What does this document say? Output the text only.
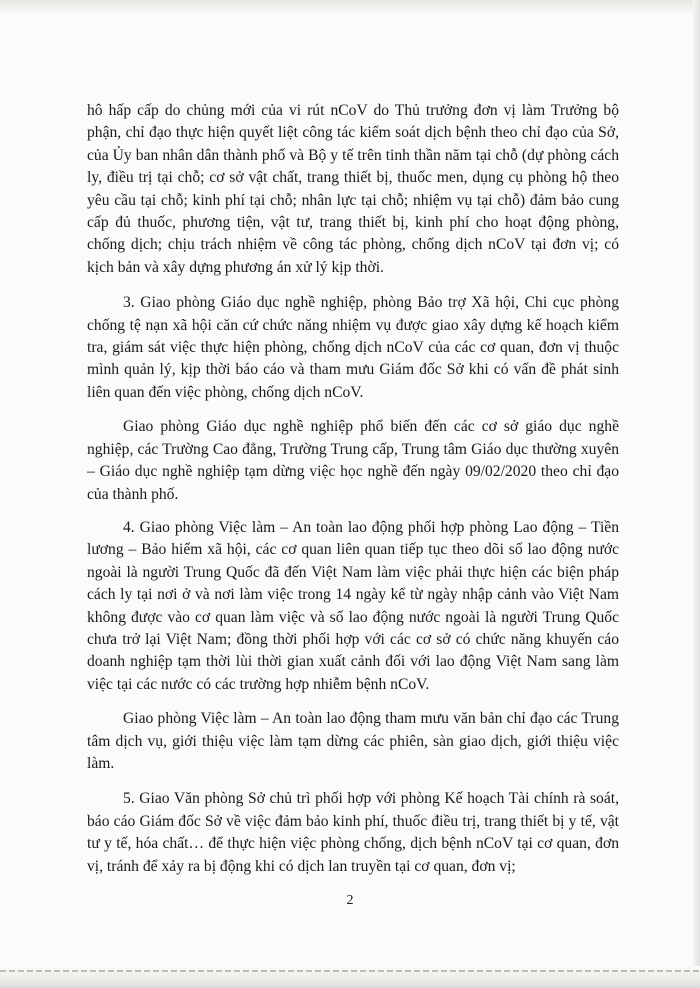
hô hấp cấp do chủng mới của vi rút nCoV do Thủ trưởng đơn vị làm Trưởng bộ phận, chỉ đạo thực hiện quyết liệt công tác kiểm soát dịch bệnh theo chỉ đạo của Sở, của Ủy ban nhân dân thành phố và Bộ y tế trên tinh thần năm tại chỗ (dự phòng cách ly, điều trị tại chỗ; cơ sở vật chất, trang thiết bị, thuốc men, dụng cụ phòng hộ theo yêu cầu tại chỗ; kinh phí tại chỗ; nhân lực tại chỗ; nhiệm vụ tại chỗ) đảm bảo cung cấp đủ thuốc, phương tiện, vật tư, trang thiết bị, kinh phí cho hoạt động phòng, chống dịch; chịu trách nhiệm về công tác phòng, chống dịch nCoV tại đơn vị; có kịch bản và xây dựng phương án xử lý kịp thời.

3. Giao phòng Giáo dục nghề nghiệp, phòng Bảo trợ Xã hội, Chi cục phòng chống tệ nạn xã hội căn cứ chức năng nhiệm vụ được giao xây dựng kế hoạch kiểm tra, giám sát việc thực hiện phòng, chống dịch nCoV của các cơ quan, đơn vị thuộc mình quản lý, kịp thời báo cáo và tham mưu Giám đốc Sở khi có vấn đề phát sinh liên quan đến việc phòng, chống dịch nCoV.

Giao phòng Giáo dục nghề nghiệp phổ biến đến các cơ sở giáo dục nghề nghiệp, các Trường Cao đẳng, Trường Trung cấp, Trung tâm Giáo dục thường xuyên – Giáo dục nghề nghiệp tạm dừng việc học nghề đến ngày 09/02/2020 theo chỉ đạo của thành phố.

4. Giao phòng Việc làm – An toàn lao động phối hợp phòng Lao động – Tiền lương – Bảo hiểm xã hội, các cơ quan liên quan tiếp tục theo dõi số lao động nước ngoài là người Trung Quốc đã đến Việt Nam làm việc phải thực hiện các biện pháp cách ly tại nơi ở và nơi làm việc trong 14 ngày kể từ ngày nhập cảnh vào Việt Nam không được vào cơ quan làm việc và số lao động nước ngoài là người Trung Quốc chưa trở lại Việt Nam; đồng thời phối hợp với các cơ sở có chức năng khuyến cáo doanh nghiệp tạm thời lùi thời gian xuất cảnh đối với lao động Việt Nam sang làm việc tại các nước có các trường hợp nhiễm bệnh nCoV.

Giao phòng Việc làm – An toàn lao động tham mưu văn bản chỉ đạo các Trung tâm dịch vụ, giới thiệu việc làm tạm dừng các phiên, sàn giao dịch, giới thiệu việc làm.

5. Giao Văn phòng Sở chủ trì phối hợp với phòng Kế hoạch Tài chính rà soát, báo cáo Giám đốc Sở về việc đảm bảo kinh phí, thuốc điều trị, trang thiết bị y tế, vật tư y tế, hóa chất… để thực hiện việc phòng chống, dịch bệnh nCoV tại cơ quan, đơn vị, tránh để xảy ra bị động khi có dịch lan truyền tại cơ quan, đơn vị;

2
